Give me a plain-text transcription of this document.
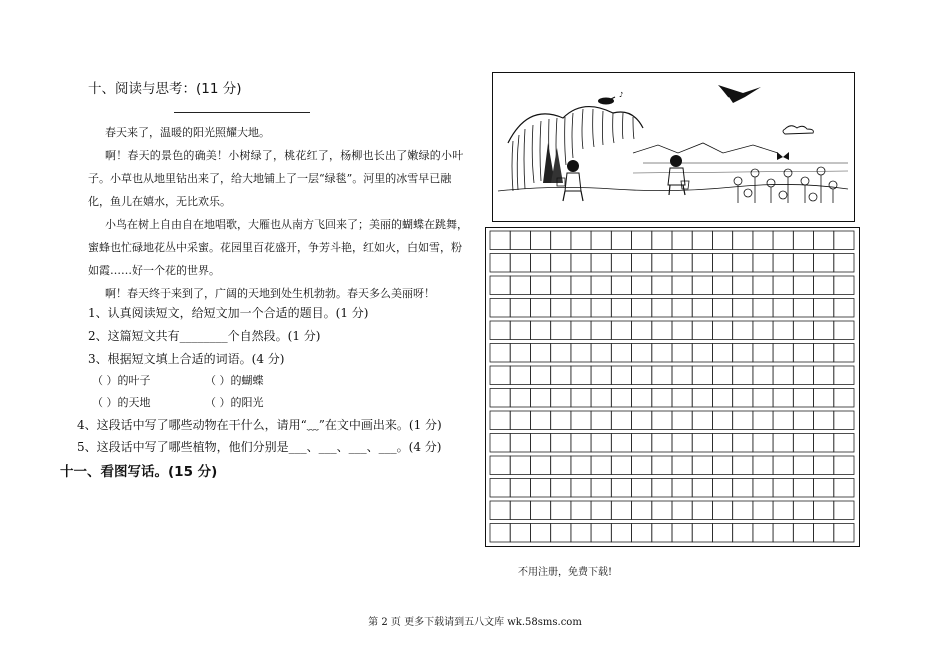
十、阅读与思考：(11 分)
春天来了，温暖的阳光照耀大地。
啊！春天的景色的确美！小树绿了，桃花红了，杨柳也长出了嫩绿的小叶
子。小草也从地里钻出来了，给大地铺上了一层“绿毯”。河里的冰雪早已融
化，鱼儿在嬉水，无比欢乐。
小鸟在树上自由自在地唱歌，大雁也从南方飞回来了；美丽的蝴蝶在跳舞，
蜜蜂也忙碌地花丛中采蜜。花园里百花盛开，争芳斗艳，红如火，白如雪，粉
如霞……好一个花的世界。
啊！春天终于来到了，广阔的天地到处生机勃勃。春天多么美丽呀！
1、认真阅读短文，给短文加一个合适的题目。(1 分)
2、这篇短文共有________个自然段。(1 分)
3、根据短文填上合适的词语。(4 分)
（ ）的叶子	（ ）的蝴蝶
（ ）的天地	（ ）的阳光
4、这段话中写了哪些动物在干什么，请用“﹏”在文中画出来。(1 分)
5、这段话中写了哪些植物，他们分别是___、___、___、___。(4 分)
十一、看图写话。(15 分)
♪
不用注册，免费下载!
第 2 页 更多下载请到五八文库 wk.58sms.com
